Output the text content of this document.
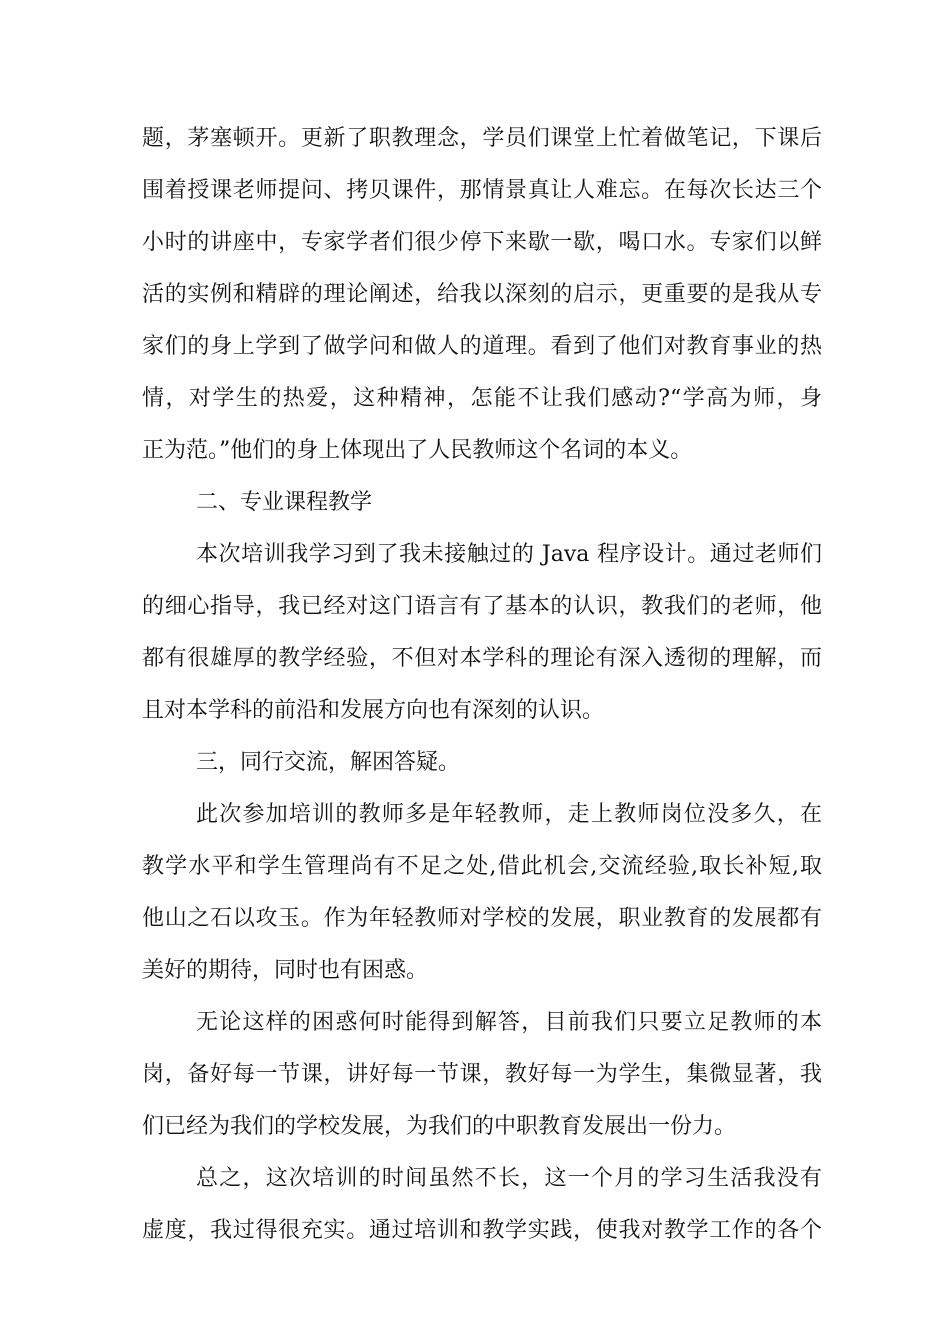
题，茅塞顿开。更新了职教理念，学员们课堂上忙着做笔记，下课后
围着授课老师提问、拷贝课件，那情景真让人难忘。在每次长达三个
小时的讲座中，专家学者们很少停下来歇一歇，喝口水。专家们以鲜
活的实例和精辟的理论阐述，给我以深刻的启示，更重要的是我从专
家们的身上学到了做学问和做人的道理。看到了他们对教育事业的热
情，对学生的热爱，这种精神，怎能不让我们感动?“学高为师，身
正为范。”他们的身上体现出了人民教师这个名词的本义。
二、专业课程教学
本次培训我学习到了我未接触过的 Java 程序设计。通过老师们
的细心指导，我已经对这门语言有了基本的认识，教我们的老师，他
都有很雄厚的教学经验，不但对本学科的理论有深入透彻的理解，而
且对本学科的前沿和发展方向也有深刻的认识。
三，同行交流，解困答疑。
此次参加培训的教师多是年轻教师，走上教师岗位没多久，在
教学水平和学生管理尚有不足之处,借此机会,交流经验,取长补短,取
他山之石以攻玉。作为年轻教师对学校的发展，职业教育的发展都有
美好的期待，同时也有困惑。
无论这样的困惑何时能得到解答，目前我们只要立足教师的本
岗，备好每一节课，讲好每一节课，教好每一为学生，集微显著，我
们已经为我们的学校发展，为我们的中职教育发展出一份力。
总之，这次培训的时间虽然不长，这一个月的学习生活我没有
虚度，我过得很充实。通过培训和教学实践，使我对教学工作的各个
